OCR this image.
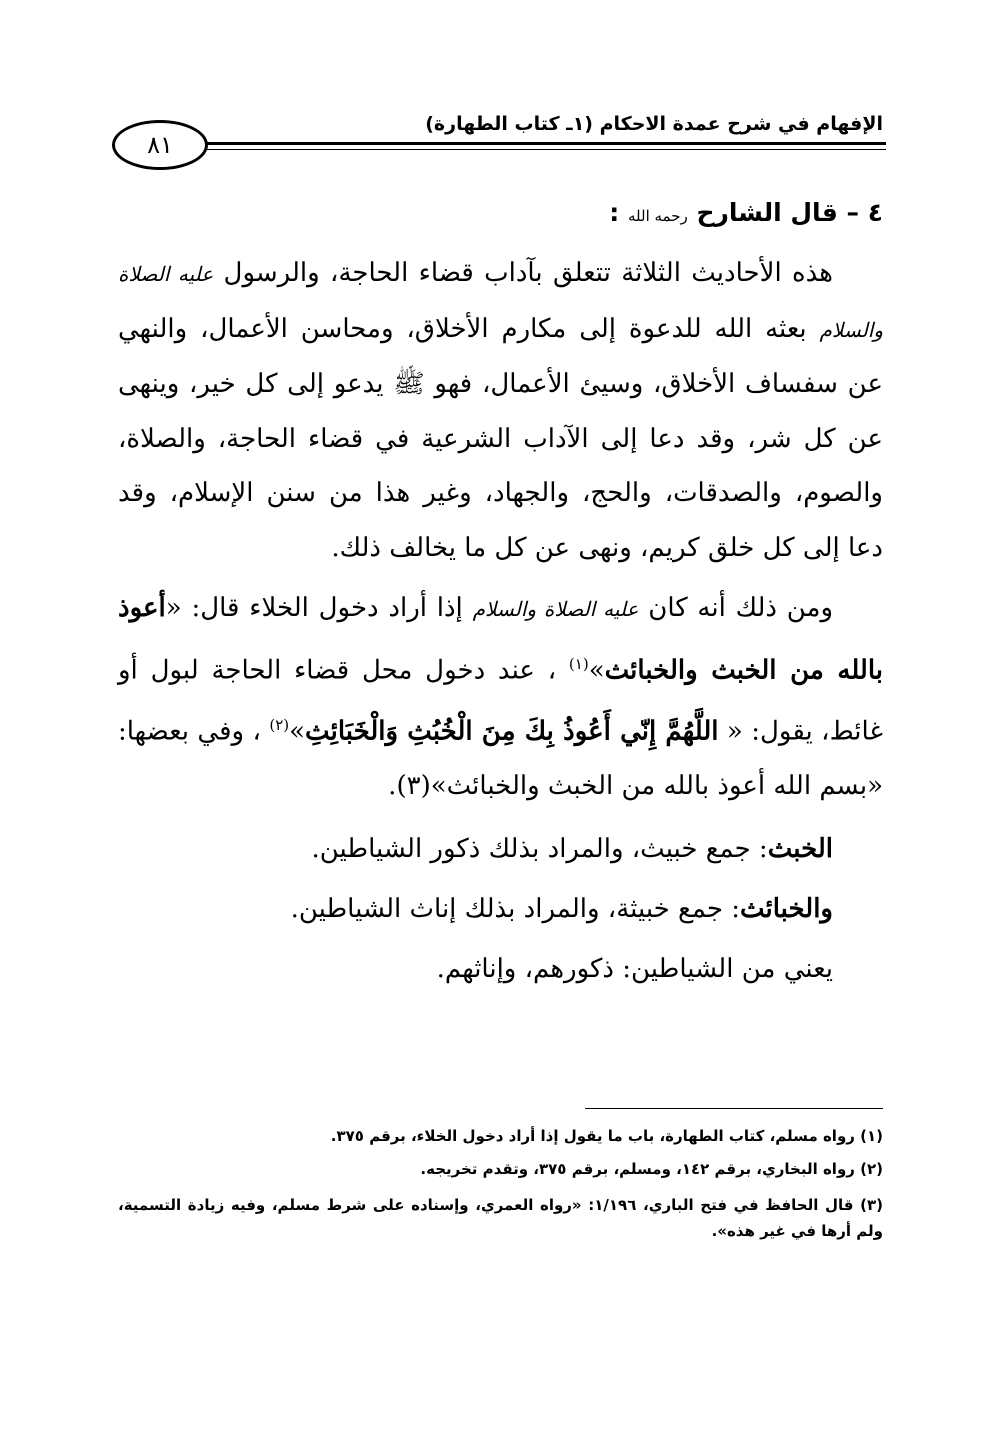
الإفهام في شرح عمدة الاحكام (١ـ كتاب الطهارة)
٨١
٤ – قال الشارح رحمه الله :
هذه الأحاديث الثلاثة تتعلق بآداب قضاء الحاجة، والرسول عليه الصلاة والسلام بعثه الله للدعوة إلى مكارم الأخلاق، ومحاسن الأعمال، والنهي عن سفساف الأخلاق، وسيئ الأعمال، فهو ﷺ يدعو إلى كل خير، وينهى عن كل شر، وقد دعا إلى الآداب الشرعية في قضاء الحاجة، والصلاة، والصوم، والصدقات، والحج، والجهاد، وغير هذا من سنن الإسلام، وقد دعا إلى كل خلق كريم، ونهى عن كل ما يخالف ذلك.
ومن ذلك أنه كان عليه الصلاة والسلام إذا أراد دخول الخلاء قال: «أعوذ بالله من الخبث والخبائث»$^{(١)}$ ، عند دخول محل قضاء الحاجة لبول أو غائط، يقول: « اللَّهُمَّ إِنّي أَعُوذُ بِكَ مِنَ الْخُبُثِ وَالْخَبَائِثِ»$^{(٢)}$ ، وفي بعضها: «بسم الله أعوذ بالله من الخبث والخبائث»(٣).

الخبث: جمع خبيث، والمراد بذلك ذكور الشياطين.

والخبائث: جمع خبيثة، والمراد بذلك إناث الشياطين.

يعني من الشياطين: ذكورهم، وإناثهم.

(١) رواه مسلم، كتاب الطهارة، باب ما يقول إذا أراد دخول الخلاء، برقم ٣٧٥.

(٢) رواه البخاري، برقم ١٤٢، ومسلم، برقم ٣٧٥، وتقدم تخريجه.

(٣) قال الحافظ في فتح الباري، ١/١٩٦: «رواه العمري، وإسناده على شرط مسلم، وفيه زيادة التسمية، ولم أرها في غير هذه».
